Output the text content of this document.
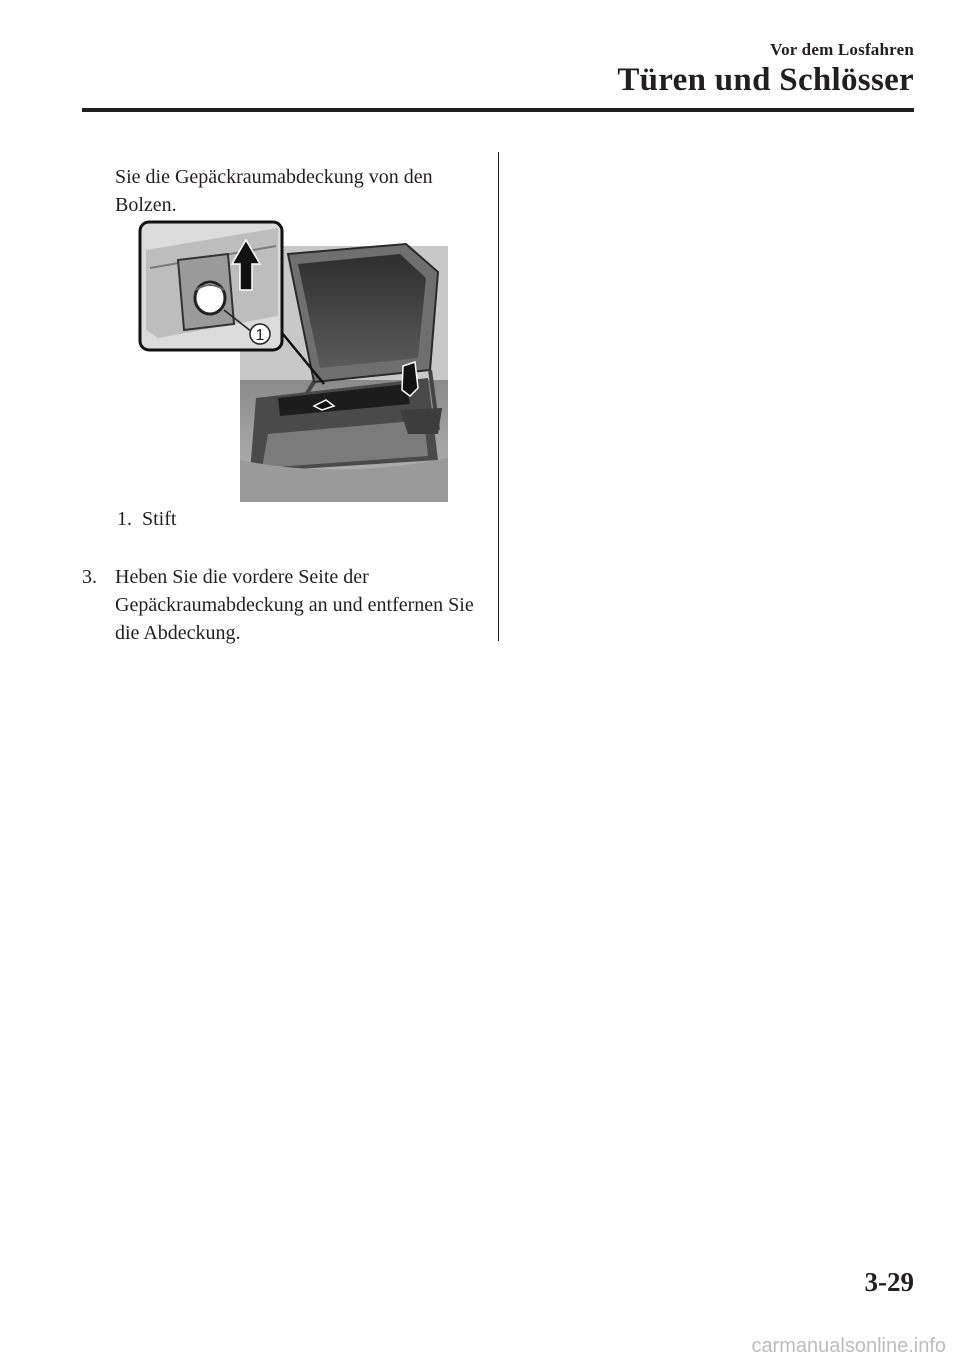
Vor dem Losfahren
Türen und Schlösser
Sie die Gepäckraumabdeckung von den Bolzen.
1
1.  Stift
3. Heben Sie die vordere Seite der Gepäckraumabdeckung an und entfernen Sie die Abdeckung.
3-29
carmanualsonline.info
